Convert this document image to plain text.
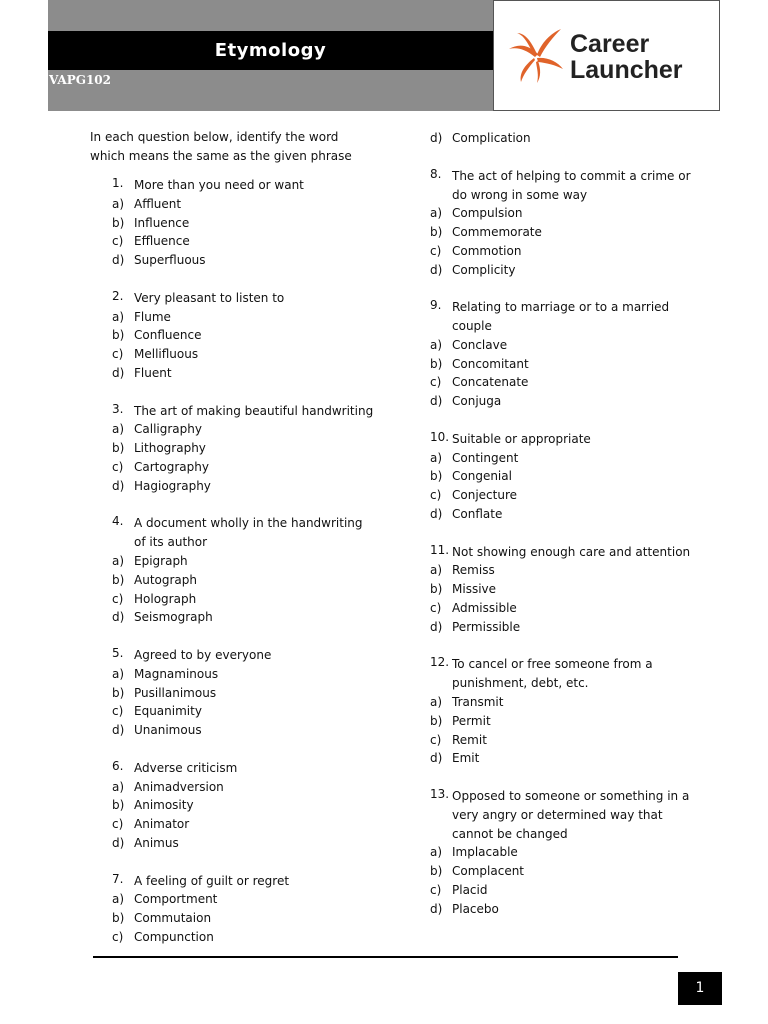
Etymology
VAPG102
Career
Launcher
In each question below, identify the word
which means the same as the given phrase
1. More than you need or want
a) Affluent
b) Influence
c) Effluence
d) Superfluous
2. Very pleasant to listen to
a) Flume
b) Confluence
c) Mellifluous
d) Fluent
3. The art of making beautiful handwriting
a) Calligraphy
b) Lithography
c) Cartography
d) Hagiography
4. A document wholly in the handwriting
of its author
a) Epigraph
b) Autograph
c) Holograph
d) Seismograph
5. Agreed to by everyone
a) Magnaminous
b) Pusillanimous
c) Equanimity
d) Unanimous
6. Adverse criticism
a) Animadversion
b) Animosity
c) Animator
d) Animus
7. A feeling of guilt or regret
a) Comportment
b) Commutaion
c) Compunction
d) Complication
8. The act of helping to commit a crime or
do wrong in some way
a) Compulsion
b) Commemorate
c) Commotion
d) Complicity
9. Relating to marriage or to a married
couple
a) Conclave
b) Concomitant
c) Concatenate
d) Conjuga
10. Suitable or appropriate
a) Contingent
b) Congenial
c) Conjecture
d) Conflate
11. Not showing enough care and attention
a) Remiss
b) Missive
c) Admissible
d) Permissible
12. To cancel or free someone from a
punishment, debt, etc.
a) Transmit
b) Permit
c) Remit
d) Emit
13. Opposed to someone or something in a
very angry or determined way that
cannot be changed
a) Implacable
b) Complacent
c) Placid
d) Placebo
1
